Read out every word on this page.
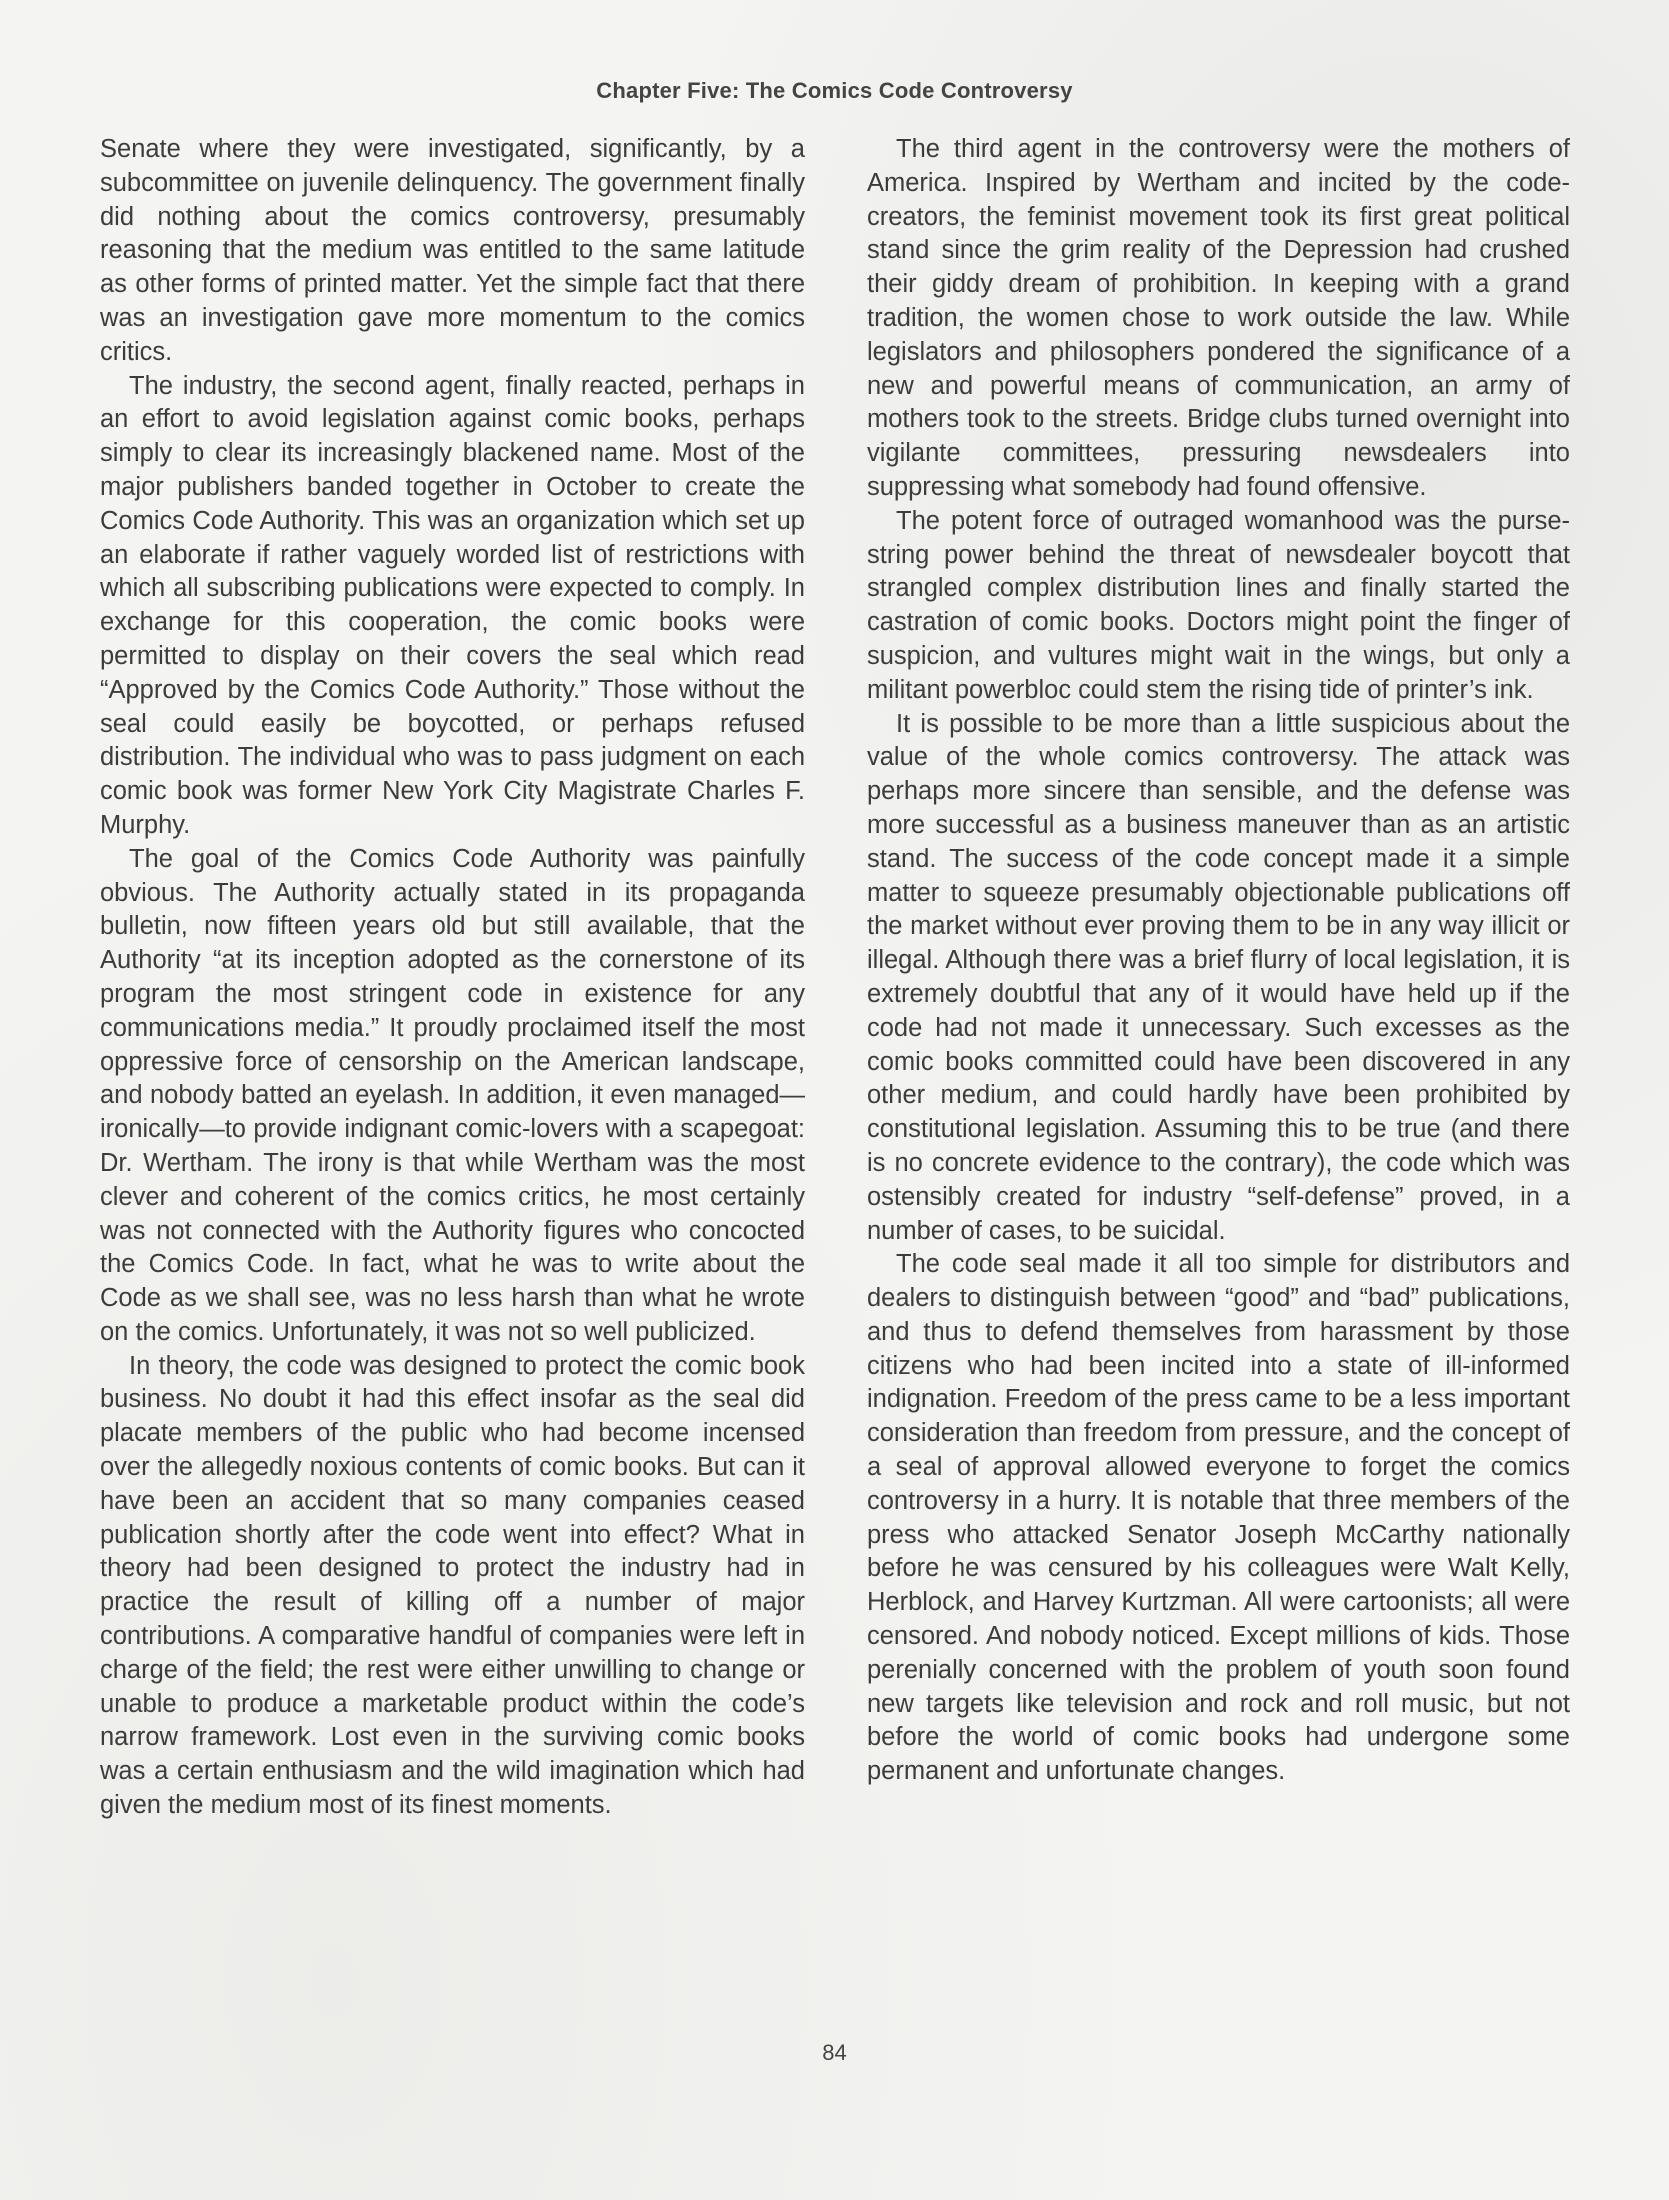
Chapter Five: The Comics Code Controversy

Senate where they were investigated, significantly, by a subcommittee on juvenile delinquency. The government finally did nothing about the comics controversy, presumably reasoning that the medium was entitled to the same latitude as other forms of printed matter. Yet the simple fact that there was an investigation gave more momentum to the comics critics.

The industry, the second agent, finally reacted, perhaps in an effort to avoid legislation against comic books, perhaps simply to clear its increasingly blackened name. Most of the major publishers banded together in October to create the Comics Code Authority. This was an organization which set up an elaborate if rather vaguely worded list of restrictions with which all subscribing publications were expected to comply. In exchange for this cooperation, the comic books were permitted to display on their covers the seal which read “Approved by the Comics Code Authority.” Those without the seal could easily be boycotted, or perhaps refused distribution. The individual who was to pass judgment on each comic book was former New York City Magistrate Charles F. Murphy.

The goal of the Comics Code Authority was painfully obvious. The Authority actually stated in its propaganda bulletin, now fifteen years old but still available, that the Authority “at its inception adopted as the cornerstone of its program the most stringent code in existence for any communications media.” It proudly proclaimed itself the most oppressive force of censorship on the American landscape, and nobody batted an eyelash. In addition, it even managed—ironically—to provide indignant comic-lovers with a scapegoat: Dr. Wertham. The irony is that while Wertham was the most clever and coherent of the comics critics, he most certainly was not connected with the Authority figures who concocted the Comics Code. In fact, what he was to write about the Code as we shall see, was no less harsh than what he wrote on the comics. Unfortunately, it was not so well publicized.

In theory, the code was designed to protect the comic book business. No doubt it had this effect insofar as the seal did placate members of the public who had become incensed over the allegedly noxious contents of comic books. But can it have been an accident that so many companies ceased publication shortly after the code went into effect? What in theory had been designed to protect the industry had in practice the result of killing off a number of major contributions. A comparative handful of companies were left in charge of the field; the rest were either unwilling to change or unable to produce a marketable product within the code’s narrow framework. Lost even in the surviving comic books was a certain enthusiasm and the wild imagination which had given the medium most of its finest moments.

The third agent in the controversy were the mothers of America. Inspired by Wertham and incited by the code-creators, the feminist movement took its first great political stand since the grim reality of the Depression had crushed their giddy dream of prohibition. In keeping with a grand tradition, the women chose to work outside the law. While legislators and philosophers pondered the significance of a new and powerful means of communication, an army of mothers took to the streets. Bridge clubs turned overnight into vigilante committees, pressuring newsdealers into suppressing what somebody had found offensive.

The potent force of outraged womanhood was the purse-string power behind the threat of newsdealer boycott that strangled complex distribution lines and finally started the castration of comic books. Doctors might point the finger of suspicion, and vultures might wait in the wings, but only a militant powerbloc could stem the rising tide of printer’s ink.

It is possible to be more than a little suspicious about the value of the whole comics controversy. The attack was perhaps more sincere than sensible, and the defense was more successful as a business maneuver than as an artistic stand. The success of the code concept made it a simple matter to squeeze presumably objectionable publications off the market without ever proving them to be in any way illicit or illegal. Although there was a brief flurry of local legislation, it is extremely doubtful that any of it would have held up if the code had not made it unnecessary. Such excesses as the comic books committed could have been discovered in any other medium, and could hardly have been prohibited by constitutional legislation. Assuming this to be true (and there is no concrete evidence to the contrary), the code which was ostensibly created for industry “self-defense” proved, in a number of cases, to be suicidal.

The code seal made it all too simple for distributors and dealers to distinguish between “good” and “bad” publications, and thus to defend themselves from harassment by those citizens who had been incited into a state of ill-informed indignation. Freedom of the press came to be a less important consideration than freedom from pressure, and the concept of a seal of approval allowed everyone to forget the comics controversy in a hurry. It is notable that three members of the press who attacked Senator Joseph McCarthy nationally before he was censured by his colleagues were Walt Kelly, Herblock, and Harvey Kurtzman. All were cartoonists; all were censored. And nobody noticed. Except millions of kids. Those perenially concerned with the problem of youth soon found new targets like television and rock and roll music, but not before the world of comic books had undergone some permanent and unfortunate changes.

84
